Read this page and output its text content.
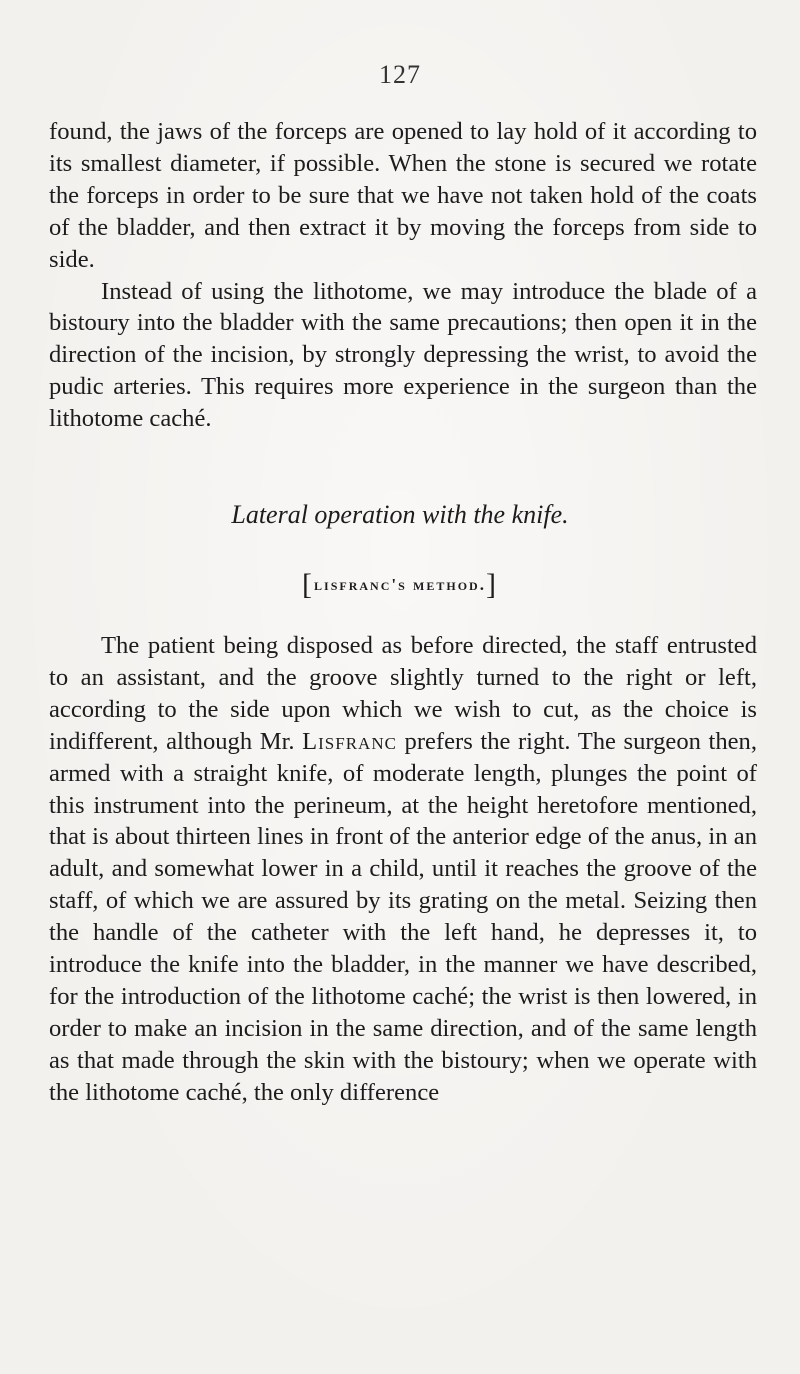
127

found, the jaws of the forceps are opened to lay hold of it according to its smallest diameter, if possible. When the stone is secured we rotate the forceps in order to be sure that we have not taken hold of the coats of the bladder, and then extract it by moving the forceps from side to side.

Instead of using the lithotome, we may introduce the blade of a bistoury into the bladder with the same precautions; then open it in the direction of the incision, by strongly depressing the wrist, to avoid the pudic arteries. This requires more experience in the surgeon than the lithotome caché.

Lateral operation with the knife.
[lisfranc's method.]

The patient being disposed as before directed, the staff entrusted to an assistant, and the groove slightly turned to the right or left, according to the side upon which we wish to cut, as the choice is indifferent, although Mr. Lisfranc prefers the right. The surgeon then, armed with a straight knife, of moderate length, plunges the point of this instrument into the perineum, at the height heretofore mentioned, that is about thirteen lines in front of the anterior edge of the anus, in an adult, and somewhat lower in a child, until it reaches the groove of the staff, of which we are assured by its grating on the metal. Seizing then the handle of the catheter with the left hand, he depresses it, to introduce the knife into the bladder, in the manner we have described, for the introduction of the lithotome caché; the wrist is then lowered, in order to make an incision in the same direction, and of the same length as that made through the skin with the bistoury; when we operate with the lithotome caché, the only difference
